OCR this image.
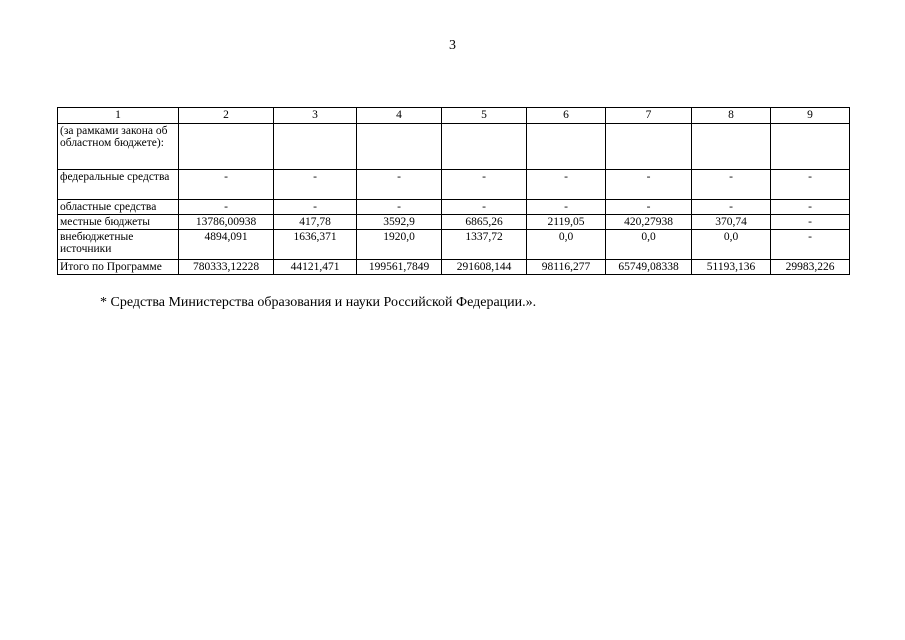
3
1	2	3	4	5	6	7	8	9
(за рамками закона об областном бюджете):								
федеральные средства	-	-	-	-	-	-	-	-
областные средства	-	-	-	-	-	-	-	-
местные бюджеты	13786,00938	417,78	3592,9	6865,26	2119,05	420,27938	370,74	-
внебюджетные источники	4894,091	1636,371	1920,0	1337,72	0,0	0,0	0,0	-
Итого по Программе	780333,12228	44121,471	199561,7849	291608,144	98116,277	65749,08338	51193,136	29983,226
* Средства Министерства образования и науки Российской Федерации.».
